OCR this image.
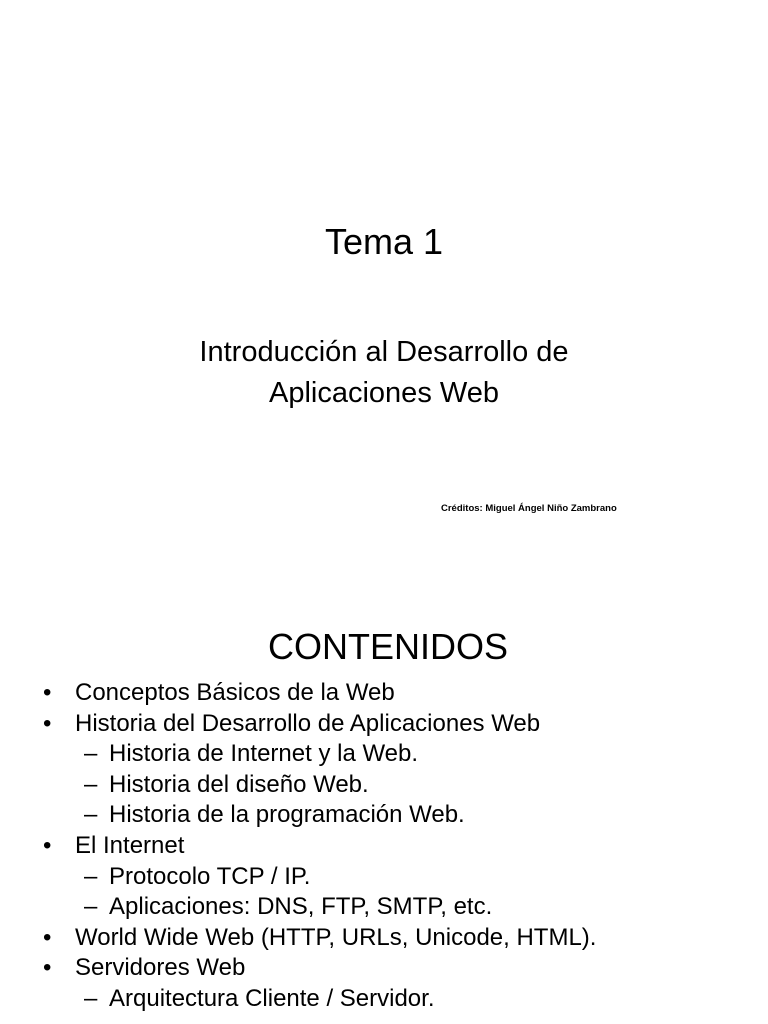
Tema 1
Introducción al Desarrollo de
Aplicaciones Web
Créditos: Miguel Ángel Niño Zambrano
CONTENIDOS
• Conceptos Básicos de la Web
• Historia del Desarrollo de Aplicaciones Web
– Historia de Internet y la Web.
– Historia del diseño Web.
– Historia de la programación Web.
• El Internet
– Protocolo TCP / IP.
– Aplicaciones: DNS, FTP, SMTP, etc.
• World Wide Web (HTTP, URLs, Unicode, HTML).
• Servidores Web
– Arquitectura Cliente / Servidor.
